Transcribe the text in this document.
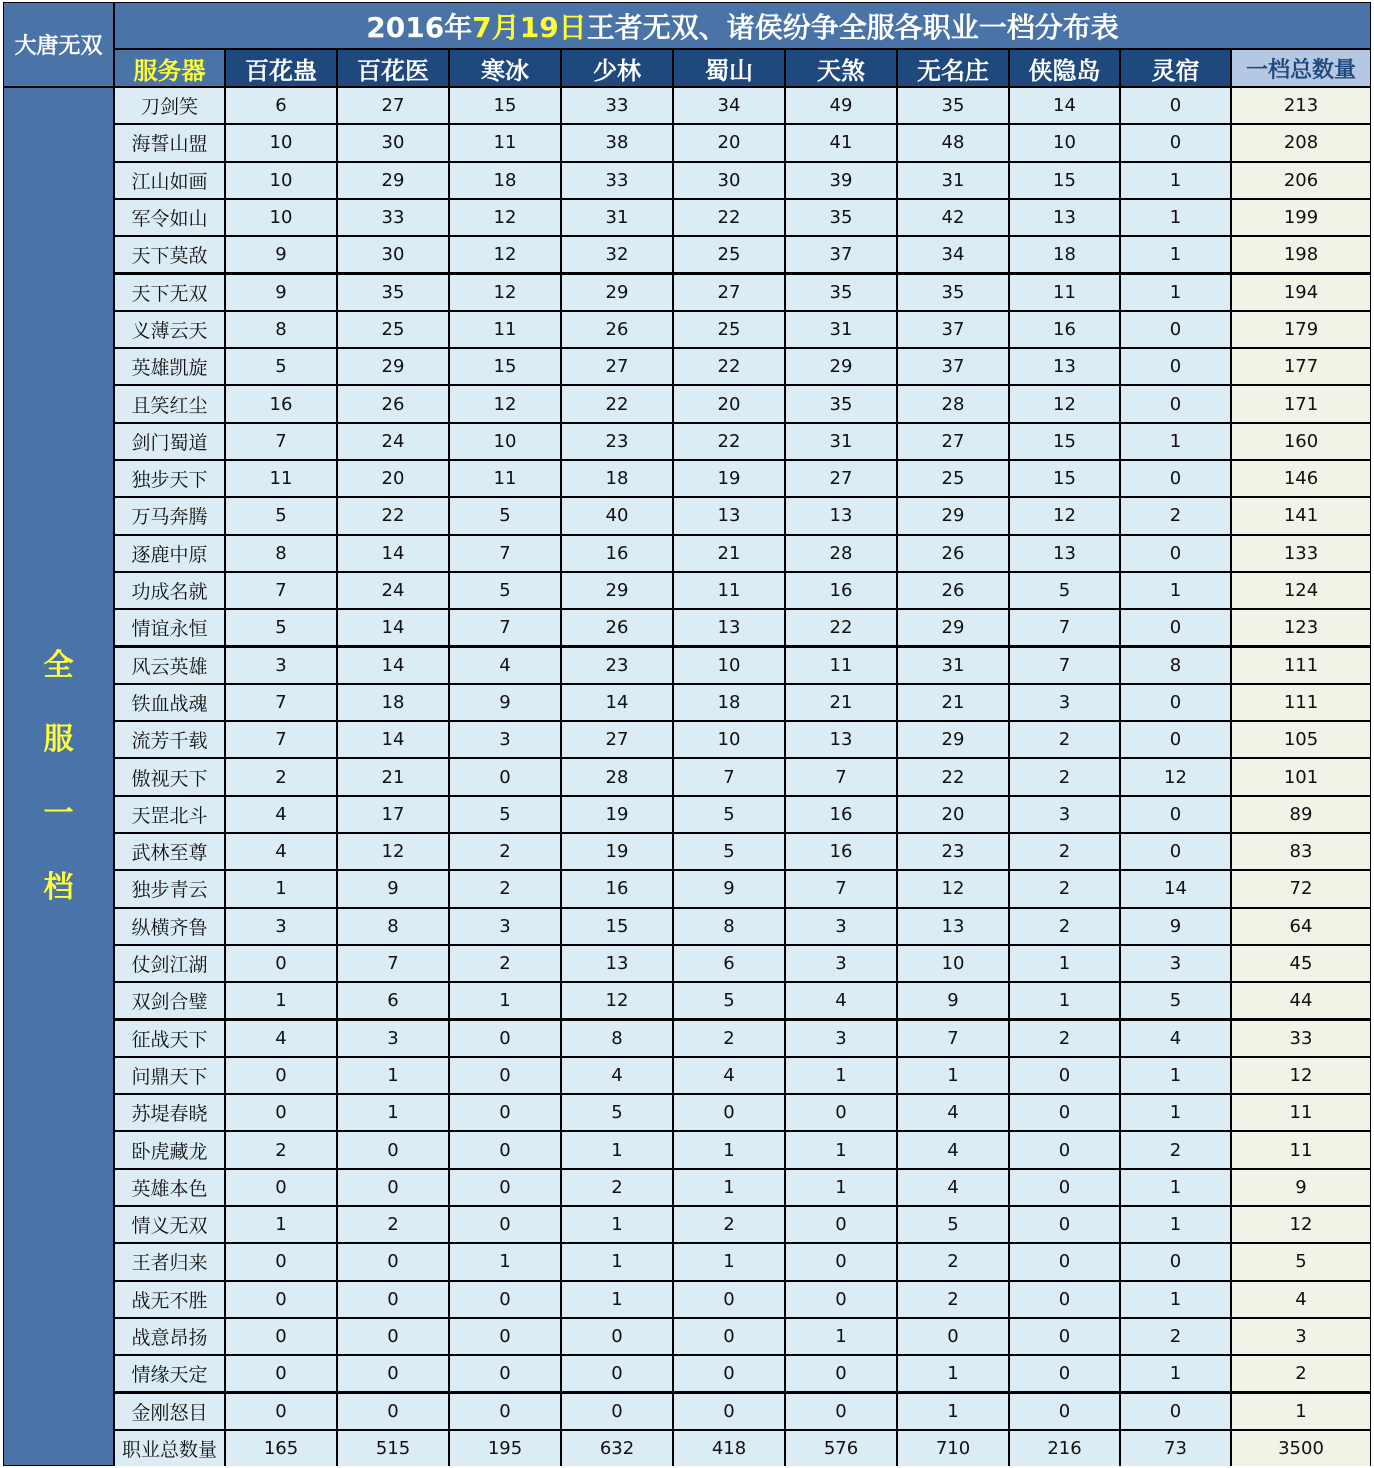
大唐无双
2016年 7月19日 王者无双、诸侯纷争全服各职业一档分布表
服务器	百花蛊	百花医	寒冰	少林	蜀山	天煞	无名庄	侠隐岛	灵宿	一档总数量
全
服
一
档
刀剑笑	6	27	15	33	34	49	35	14	0	213
海誓山盟	10	30	11	38	20	41	48	10	0	208
江山如画	10	29	18	33	30	39	31	15	1	206
军令如山	10	33	12	31	22	35	42	13	1	199
天下莫敌	9	30	12	32	25	37	34	18	1	198
天下无双	9	35	12	29	27	35	35	11	1	194
义薄云天	8	25	11	26	25	31	37	16	0	179
英雄凯旋	5	29	15	27	22	29	37	13	0	177
且笑红尘	16	26	12	22	20	35	28	12	0	171
剑门蜀道	7	24	10	23	22	31	27	15	1	160
独步天下	11	20	11	18	19	27	25	15	0	146
万马奔腾	5	22	5	40	13	13	29	12	2	141
逐鹿中原	8	14	7	16	21	28	26	13	0	133
功成名就	7	24	5	29	11	16	26	5	1	124
情谊永恒	5	14	7	26	13	22	29	7	0	123
风云英雄	3	14	4	23	10	11	31	7	8	111
铁血战魂	7	18	9	14	18	21	21	3	0	111
流芳千载	7	14	3	27	10	13	29	2	0	105
傲视天下	2	21	0	28	7	7	22	2	12	101
天罡北斗	4	17	5	19	5	16	20	3	0	89
武林至尊	4	12	2	19	5	16	23	2	0	83
独步青云	1	9	2	16	9	7	12	2	14	72
纵横齐鲁	3	8	3	15	8	3	13	2	9	64
仗剑江湖	0	7	2	13	6	3	10	1	3	45
双剑合璧	1	6	1	12	5	4	9	1	5	44
征战天下	4	3	0	8	2	3	7	2	4	33
问鼎天下	0	1	0	4	4	1	1	0	1	12
苏堤春晓	0	1	0	5	0	0	4	0	1	11
卧虎藏龙	2	0	0	1	1	1	4	0	2	11
英雄本色	0	0	0	2	1	1	4	0	1	9
情义无双	1	2	0	1	2	0	5	0	1	12
王者归来	0	0	1	1	1	0	2	0	0	5
战无不胜	0	0	0	1	0	0	2	0	1	4
战意昂扬	0	0	0	0	0	1	0	0	2	3
情缘天定	0	0	0	0	0	0	1	0	1	2
金刚怒目	0	0	0	0	0	0	1	0	0	1
职业总数量	165	515	195	632	418	576	710	216	73	3500
